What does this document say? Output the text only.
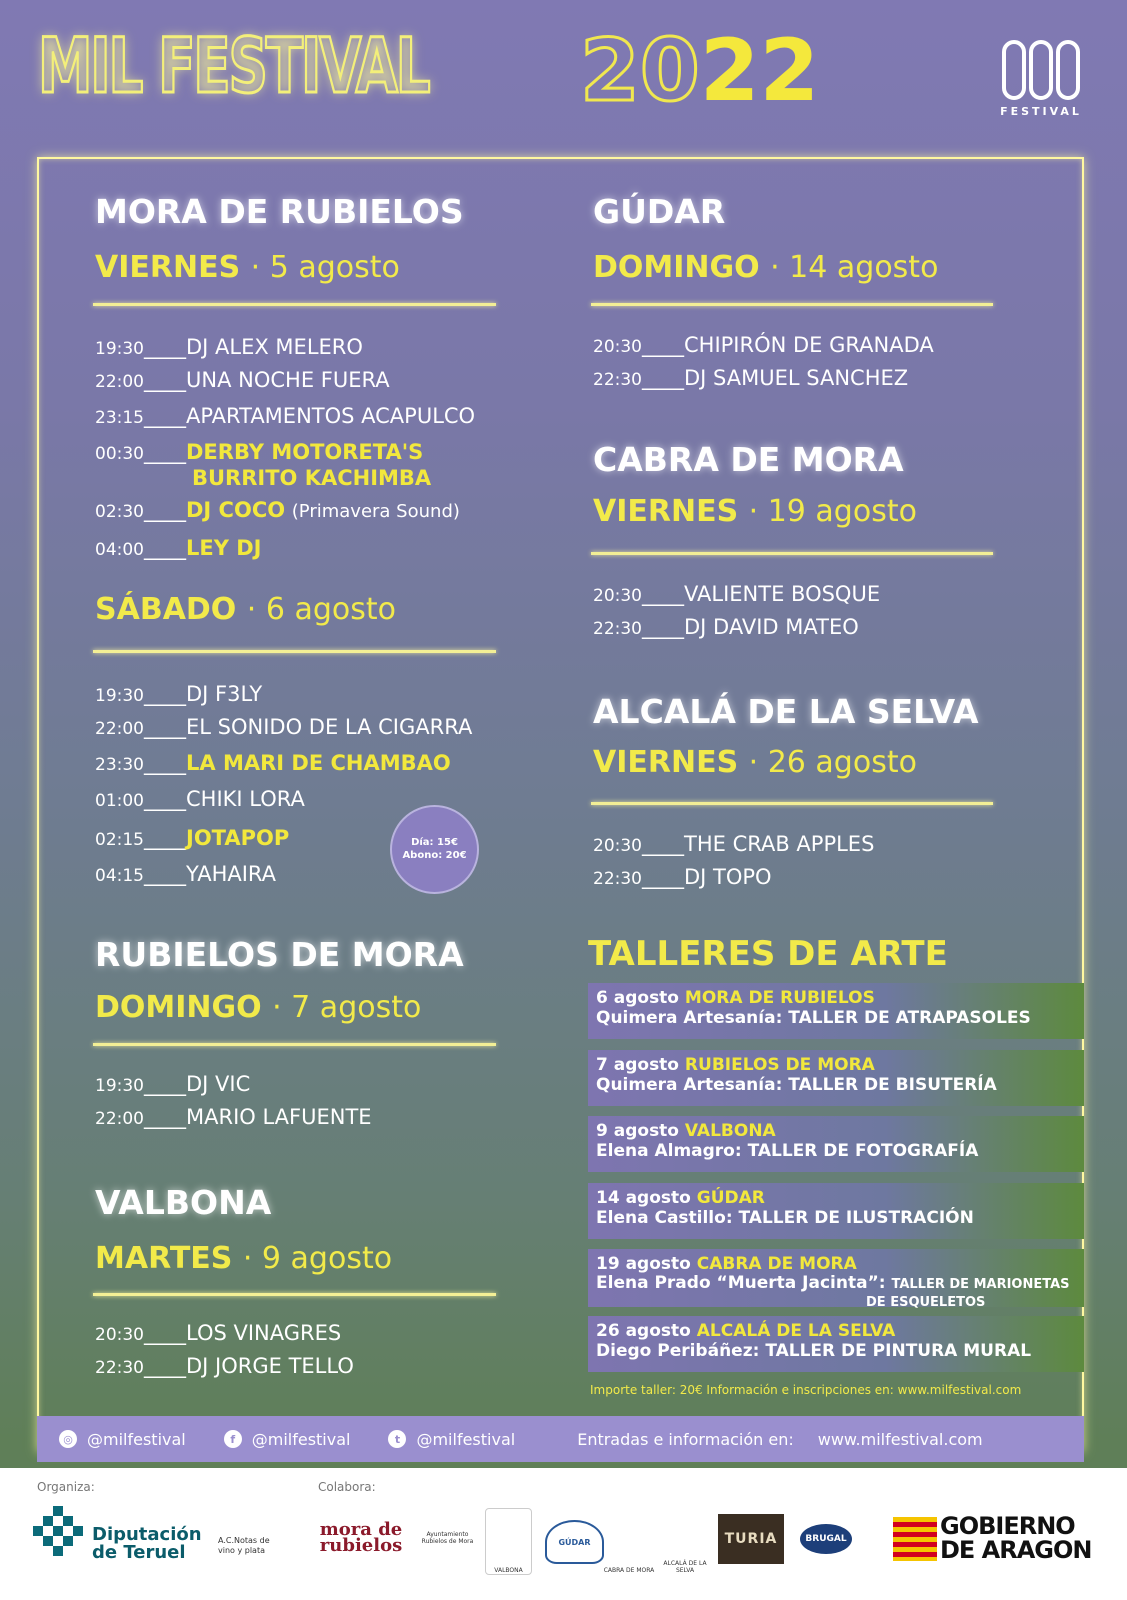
MIL FESTIVAL 2022	FESTIVAL
MORA DE RUBIELOS
VIERNES · 5 agosto
19:30____DJ ALEX MELERO
22:00____UNA NOCHE FUERA
23:15____APARTAMENTOS ACAPULCO
00:30____DERBY MOTORETA'S
BURRITO KACHIMBA
02:30____DJ COCO (Primavera Sound)
04:00____LEY DJ
SÁBADO · 6 agosto
19:30____DJ F3LY
22:00____EL SONIDO DE LA CIGARRA
23:30____LA MARI DE CHAMBAO
01:00____CHIKI LORA
02:15____JOTAPOP
04:15____YAHAIRA
Día: 15€
Abono: 20€
RUBIELOS DE MORA
DOMINGO · 7 agosto
19:30____DJ VIC
22:00____MARIO LAFUENTE
VALBONA
MARTES · 9 agosto
20:30____LOS VINAGRES
22:30____DJ JORGE TELLO
GÚDAR
DOMINGO · 14 agosto
20:30____CHIPIRÓN DE GRANADA
22:30____DJ SAMUEL SANCHEZ
CABRA DE MORA
VIERNES · 19 agosto
20:30____VALIENTE BOSQUE
22:30____DJ DAVID MATEO
ALCALÁ DE LA SELVA
VIERNES · 26 agosto
20:30____THE CRAB APPLES
22:30____DJ TOPO
TALLERES DE ARTE
6 agosto MORA DE RUBIELOS
Quimera Artesanía: TALLER DE ATRAPASOLES
7 agosto RUBIELOS DE MORA
Quimera Artesanía: TALLER DE BISUTERÍA
9 agosto VALBONA
Elena Almagro: TALLER DE FOTOGRAFÍA
14 agosto GÚDAR
Elena Castillo: TALLER DE ILUSTRACIÓN
19 agosto CABRA DE MORA
Elena Prado “Muerta Jacinta”: TALLER DE MARIONETAS
DE ESQUELETOS
26 agosto ALCALÁ DE LA SELVA
Diego Peribáñez: TALLER DE PINTURA MURAL
Importe taller: 20€ Información e inscripciones en: www.milfestival.com
◎ @milfestival	f	@milfestival	t	@milfestival	Entradas e información en: www.milfestival.com
Organiza:	Colabora:
Diputación de Teruel
A.C.Notas de vino y plata
mora de rubielos
Ayuntamiento Rubielos de Mora
VALBONA
GÚDAR
CABRA DE MORA
ALCALÁ DE LA SELVA
TURIA	BRUGAL	GOBIERNO DE ARAGON
